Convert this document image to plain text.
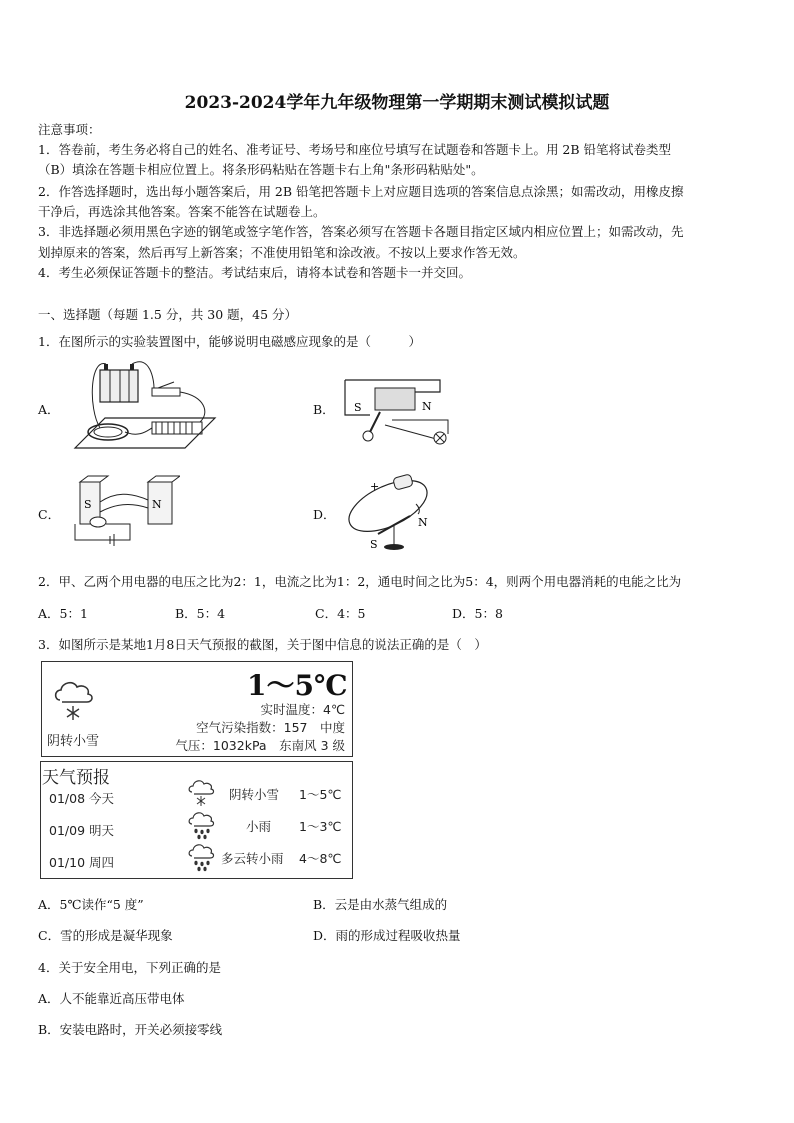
2023-2024学年九年级物理第一学期期末测试模拟试题
注意事项：
1．答卷前，考生务必将自己的姓名、准考证号、考场号和座位号填写在试题卷和答题卡上。用 2B 铅笔将试卷类型
（B）填涂在答题卡相应位置上。将条形码粘贴在答题卡右上角"条形码粘贴处"。
2．作答选择题时，选出每小题答案后，用 2B 铅笔把答题卡上对应题目选项的答案信息点涂黑；如需改动，用橡皮擦
干净后，再选涂其他答案。答案不能答在试题卷上。
3．非选择题必须用黑色字迹的钢笔或签字笔作答，答案必须写在答题卡各题目指定区域内相应位置上；如需改动，先
划掉原来的答案，然后再写上新答案；不准使用铅笔和涂改液。不按以上要求作答无效。
4．考生必须保证答题卡的整洁。考试结束后，请将本试卷和答题卡一并交回。
一、选择题（每题 1.5 分，共 30 题，45 分）
1．在图所示的实验装置图中，能够说明电磁感应现象的是（　　　）
A．	B． S	N
C．
S	N
D．
+
S
N
2．甲、乙两个用电器的电压之比为2：1，电流之比为1：2，通电时间之比为5：4，则两个用电器消耗的电能之比为
A．5：1	B．5：4	C．4：5	D．5：8
3．如图所示是某地1月8日天气预报的截图，关于图中信息的说法正确的是（　）
1～5℃
阴转小雪
实时温度：4℃
空气污染指数：157　中度
气压：1032kPa　东南风 3 级
天气预报
01/08 今天	阴转小雪 1～5℃
01/09 明天	小雨 1～3℃
01/10 周四	多云转小雨 4～8℃
A．5℃读作“5 度”	B．云是由水蒸气组成的
C．雪的形成是凝华现象	D．雨的形成过程吸收热量
4．关于安全用电，下列正确的是
A．人不能靠近高压带电体
B．安装电路时，开关必须接零线
